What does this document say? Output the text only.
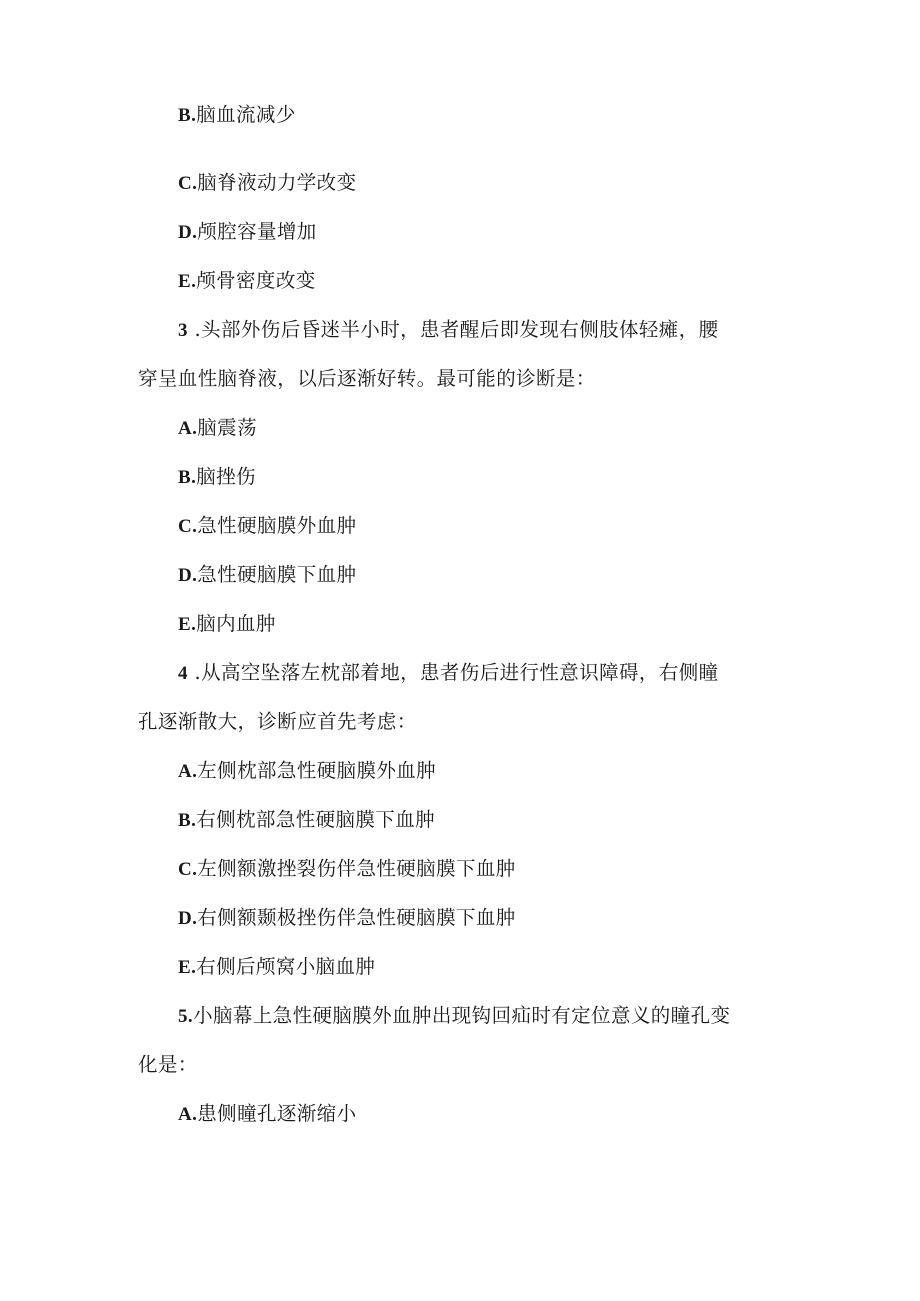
B.脑血流减少
C.脑脊液动力学改变
D.颅腔容量增加
E.颅骨密度改变
3 .头部外伤后昏迷半小时，患者醒后即发现右侧肢体轻瘫，腰
穿呈血性脑脊液，以后逐渐好转。最可能的诊断是：
A.脑震荡
B.脑挫伤
C.急性硬脑膜外血肿
D.急性硬脑膜下血肿
E.脑内血肿
4 .从高空坠落左枕部着地，患者伤后进行性意识障碍，右侧瞳
孔逐渐散大，诊断应首先考虑：
A.左侧枕部急性硬脑膜外血肿
B.右侧枕部急性硬脑膜下血肿
C.左侧额激挫裂伤伴急性硬脑膜下血肿
D.右侧额颞极挫伤伴急性硬脑膜下血肿
E.右侧后颅窝小脑血肿
5.小脑幕上急性硬脑膜外血肿出现钩回疝时有定位意义的瞳孔变
化是：
A.患侧瞳孔逐渐缩小
